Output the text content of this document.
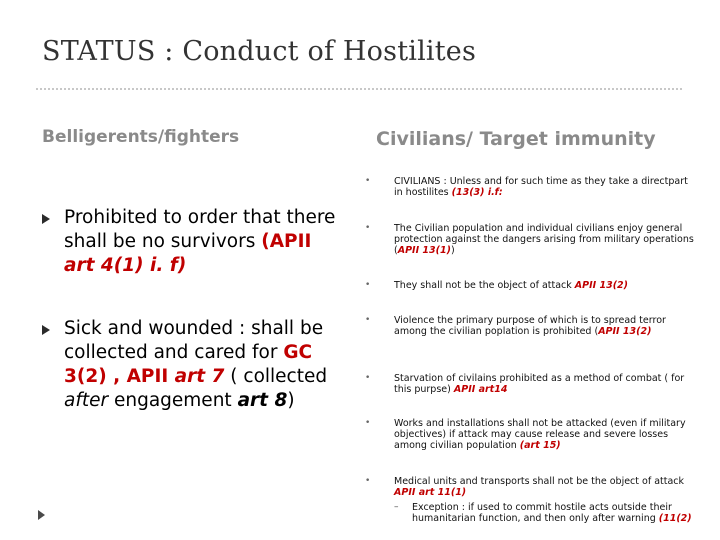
STATUS : Conduct of Hostilites
Belligerents/fighters	Civilians/ Target immunity
Prohibited to order that there shall be no survivors (APII art 4(1) i. f)
Sick and wounded : shall be collected and cared for GC 3(2) , APII art 7 ( collected after engagement art 8)
• CIVILIANS : Unless and for such time as they take a directpart in hostilites (13(3) i.f:
• The Civilian population and individual civilians enjoy general protection against the dangers arising from military operations (APII 13(1))
• They shall not be the object of attack APII 13(2)
• Violence the primary purpose of which is to spread terror among the civilian poplation is prohibited (APII 13(2)
• Starvation of civilains prohibited as a method of combat ( for this purpse) APII art14
• Works and installations shall not be attacked (even if military objectives) if attack may cause release and severe losses among civilian population (art 15)
• Medical units and transports shall not be the object of attack APII art 11(1)
– Exception : if used to commit hostile acts outside their humanitarian function, and then only after warning (11(2)
